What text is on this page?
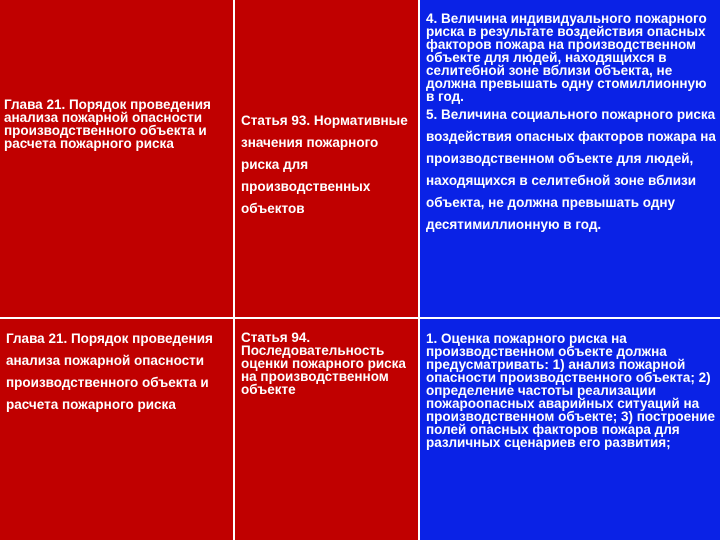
Глава 21. Порядок проведения анализа пожарной опасности производственного объекта и расчета пожарного риска

Статья 93. Нормативные значения пожарного риска для производственных объектов

4. Величина индивидуального пожарного риска в результате воздействия опасных факторов пожара на производственном объекте для людей, находящихся в селитебной зоне вблизи объекта, не должна превышать одну стомиллионную в год.

5. Величина социального пожарного риска воздействия опасных факторов пожара на производственном объекте для людей, находящихся в селитебной зоне вблизи объекта, не должна превышать одну десятимиллионную в год.

Глава 21. Порядок проведения анализа пожарной опасности производственного объекта и расчета пожарного риска

Статья 94. Последовательность оценки пожарного риска на производственном объекте

1. Оценка пожарного риска на производственном объекте должна предусматривать: 1) анализ пожарной опасности производственного объекта; 2) определение частоты реализации пожароопасных аварийных ситуаций на производственном объекте; 3) построение полей опасных факторов пожара для различных сценариев его развития;
